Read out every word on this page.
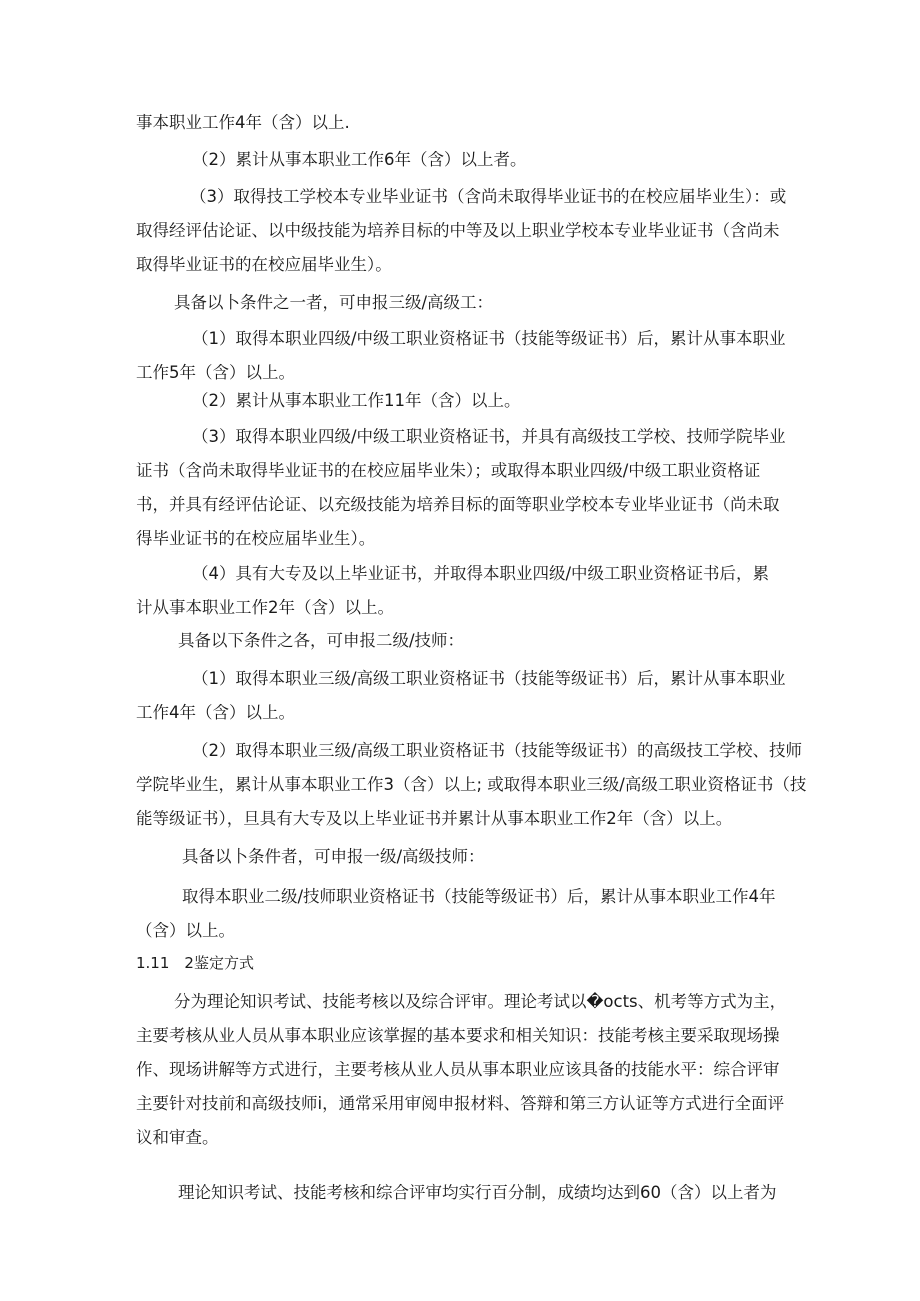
事本职业工作4年（含）以上.

（2）累计从事本职业工作6年（含）以上者。

（3）取得技工学校本专业毕业证书（含尚未取得毕业证书的在校应届毕业生）：或取得经评估论证、以中级技能为培养目标的中等及以上职业学校本专业毕业证书（含尚未取得毕业证书的在校应届毕业生）。

具备以卜条件之一者，可申报三级/高级工：

（1）取得本职业四级/中级工职业资格证书（技能等级证书）后，累计从事本职业工作5年（含）以上。

（2）累计从事本职业工作11年（含）以上。

（3）取得本职业四级/中级工职业资格证书，并具有高级技工学校、技师学院毕业证书（含尚未取得毕业证书的在校应届毕业朱）；或取得本职业四级/中级工职业资格证书，并具有经评估论证、以充级技能为培养目标的面等职业学校本专业毕业证书（尚未取得毕业证书的在校应届毕业生）。

（4）具有大专及以上毕业证书，并取得本职业四级/中级工职业资格证书后，累计从事本职业工作2年（含）以上。

具备以下条件之各，可申报二级/技师：

（1）取得本职业三级/高级工职业资格证书（技能等级证书）后，累计从事本职业工作4年（含）以上。

（2）取得本职业三级/高级工职业资格证书（技能等级证书）的高级技工学校、技师学院毕业生，累计从事本职业工作3（含）以上; 或取得本职业三级/高级工职业资格证书（技能等级证书），旦具有大专及以上毕业证书并累计从事本职业工作2年（含）以上。

具备以卜条件者，可申报一级/高级技师：

取得本职业二级/技师职业资格证书（技能等级证书）后，累计从事本职业工作4年（含）以上。

1.11　2鉴定方式

分为理论知识考试、技能考核以及综合评审。理论考试以�octs、机考等方式为主，主要考核从业人员从事本职业应该掌握的基本要求和相关知识：技能考核主要采取现场操作、现场讲解等方式进行，主要考核从业人员从事本职业应该具备的技能水平：综合评审主要针对技前和高级技师i，通常采用审阅申报材料、答辩和第三方认证等方式进行全面评议和审查。

理论知识考试、技能考核和综合评审均实行百分制，成绩均达到60（含）以上者为
